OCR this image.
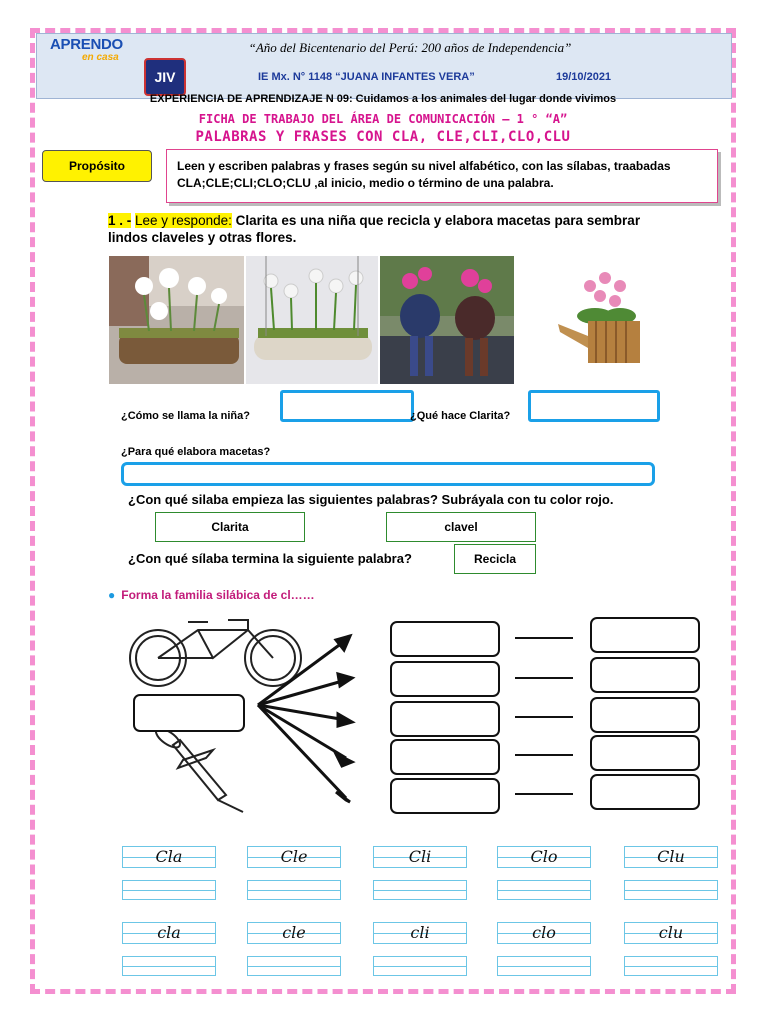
APRENDO
en casa
JIV
“Año del Bicentenario del Perú: 200 años de Independencia”
IE Mx. N° 1148 “JUANA INFANTES VERA”	19/10/2021
EXPERIENCIA DE APRENDIZAJE N 09: Cuidamos a los animales del lugar donde vivimos
FICHA DE TRABAJO DEL ÁREA DE COMUNICACIÓN – 1 ° “A”
PALABRAS Y FRASES CON CLA, CLE,CLI,CLO,CLU
Propósito	Leen y escriben palabras y frases según su nivel alfabético, con las sílabas, traabadas CLA;CLE;CLI;CLO;CLU ,al inicio, medio o término de una palabra.
1 . - Lee y responde: Clarita es una niña que recicla y elabora macetas para sembrar lindos claveles y otras flores.
¿Cómo se llama la niña?	¿Qué hace Clarita?
¿Para qué elabora macetas?
¿Con qué silaba empieza las siguientes palabras? Subráyala con tu color rojo.
Clarita	clavel
¿Con qué sílaba termina la siguiente palabra?	Recicla
● Forma la familia silábica de cl……
Cla	Cle	Cli	Clo	Clu
cla	cle	cli	clo	clu
